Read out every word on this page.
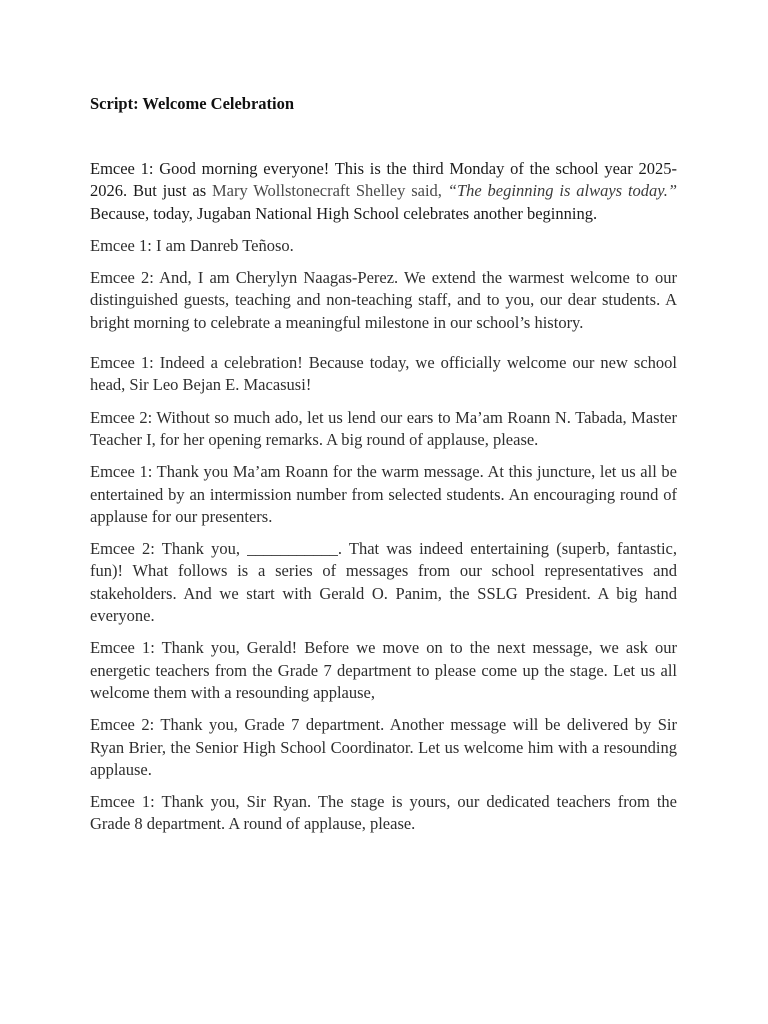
Script: Welcome Celebration

Emcee 1: Good morning everyone! This is the third Monday of the school year 2025-2026. But just as Mary Wollstonecraft Shelley said, “The beginning is always today.” Because, today, Jugaban National High School celebrates another beginning.

Emcee 1: I am Danreb Teñoso.

Emcee 2: And, I am Cherylyn Naagas-Perez. We extend the warmest welcome to our distinguished guests, teaching and non-teaching staff, and to you, our dear students. A bright morning to celebrate a meaningful milestone in our school’s history.

Emcee 1: Indeed a celebration! Because today, we officially welcome our new school head, Sir Leo Bejan E. Macasusi!

Emcee 2: Without so much ado, let us lend our ears to Ma’am Roann N. Tabada, Master Teacher I, for her opening remarks. A big round of applause, please.

Emcee 1: Thank you Ma’am Roann for the warm message. At this juncture, let us all be entertained by an intermission number from selected students. An encouraging round of applause for our presenters.

Emcee 2: Thank you, ___________. That was indeed entertaining (superb, fantastic, fun)! What follows is a series of messages from our school representatives and stakeholders. And we start with Gerald O. Panim, the SSLG President. A big hand everyone.

Emcee 1: Thank you, Gerald! Before we move on to the next message, we ask our energetic teachers from the Grade 7 department to please come up the stage. Let us all welcome them with a resounding applause,

Emcee 2: Thank you, Grade 7 department. Another message will be delivered by Sir Ryan Brier, the Senior High School Coordinator. Let us welcome him with a resounding applause.

Emcee 1: Thank you, Sir Ryan. The stage is yours, our dedicated teachers from the Grade 8 department. A round of applause, please.
